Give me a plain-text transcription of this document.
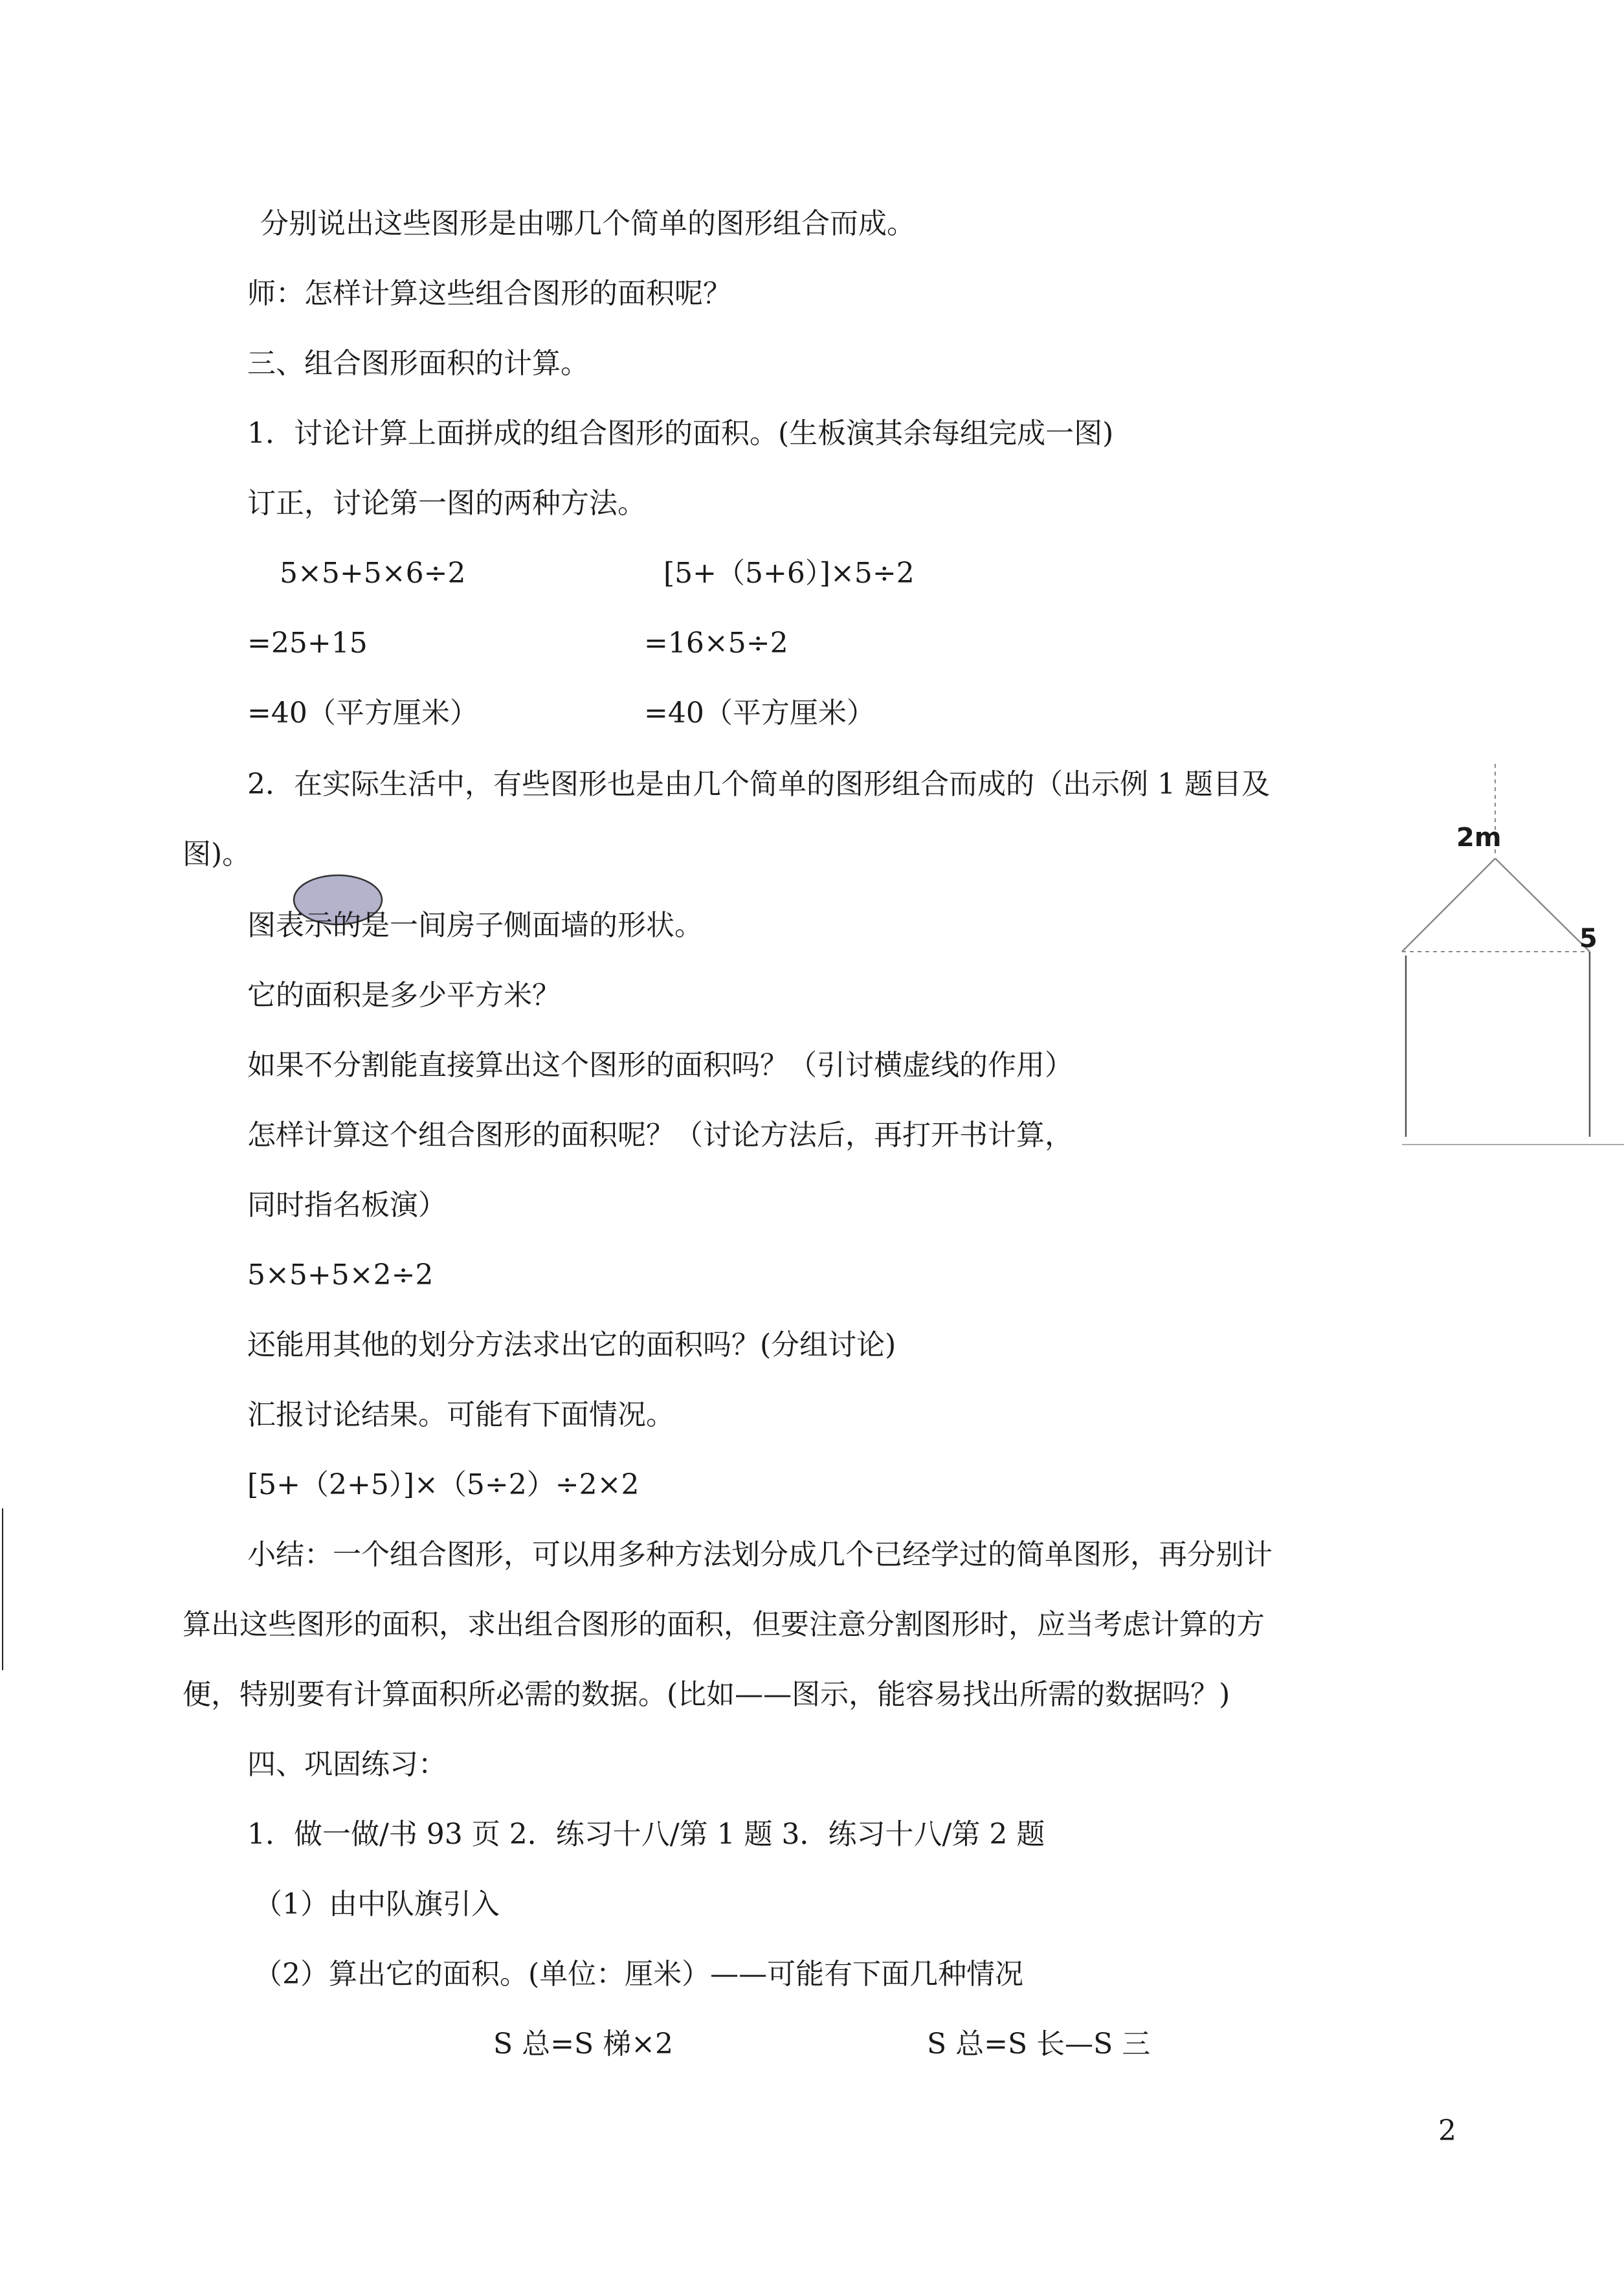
分别说出这些图形是由哪几个简单的图形组合而成。
师：怎样计算这些组合图形的面积呢？
三、组合图形面积的计算。
1．讨论计算上面拼成的组合图形的面积。(生板演其余每组完成一图)
订正，讨论第一图的两种方法。
5×5+5×6÷2
=25+15
=40（平方厘米）
[5+（5+6）]×5÷2
=16×5÷2
=40（平方厘米）
2．在实际生活中，有些图形也是由几个简单的图形组合而成的（出示例 1 题目及
图)。
图表示的是一间房子侧面墙的形状。
它的面积是多少平方米？
如果不分割能直接算出这个图形的面积吗？（引讨横虚线的作用）
怎样计算这个组合图形的面积呢？（讨论方法后，再打开书计算，
同时指名板演）
5×5+5×2÷2
还能用其他的划分方法求出它的面积吗？(分组讨论)
汇报讨论结果。可能有下面情况。
[5+（2+5）]×（5÷2）÷2×2
小结：一个组合图形，可以用多种方法划分成几个已经学过的简单图形，再分别计
算出这些图形的面积，求出组合图形的面积，但要注意分割图形时，应当考虑计算的方
便，特别要有计算面积所必需的数据。(比如——图示，能容易找出所需的数据吗？)
四、巩固练习：
1．做一做/书 93 页 2．练习十八/第 1 题 3．练习十八/第 2 题
（1）由中队旗引入
（2）算出它的面积。(单位：厘米）——可能有下面几种情况
S 总=S 梯×2	S 总=S 长—S 三
2
2m
5
